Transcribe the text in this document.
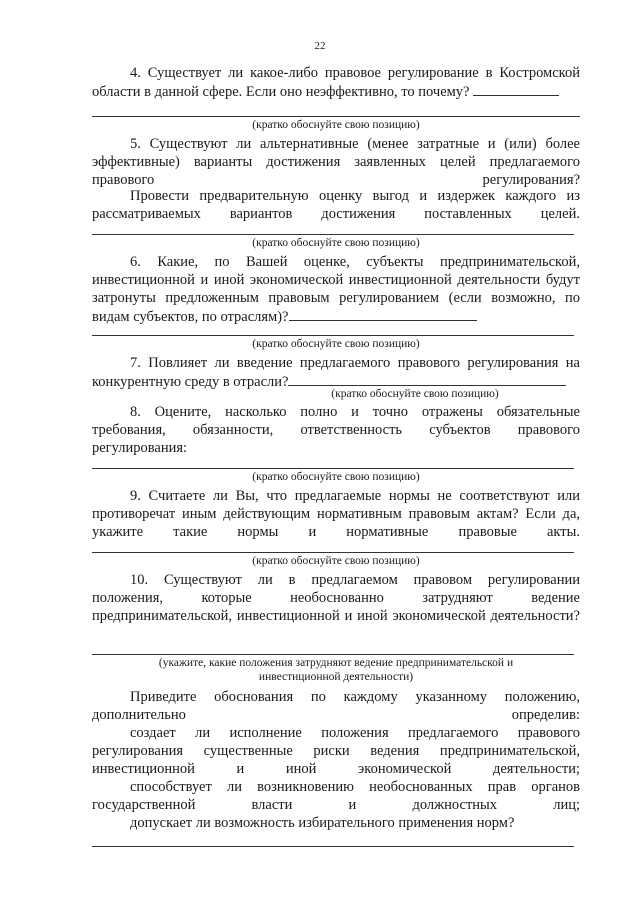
22

4. Существует ли какое-либо правовое регулирование в Костромской области в данной сфере. Если оно неэффективно, то почему?

(кратко обоснуйте свою позицию)

5. Существуют ли альтернативные (менее затратные и (или) более эффективные) варианты достижения заявленных целей предлагаемого правового регулирования?

Провести предварительную оценку выгод и издержек каждого из рассматриваемых вариантов достижения поставленных целей.

(кратко обоснуйте свою позицию)

6. Какие, по Вашей оценке, субъекты предпринимательской, инвестиционной и иной экономической инвестиционной деятельности будут затронуты предложенным правовым регулированием (если возможно, по видам субъектов, по отраслям)?

(кратко обоснуйте свою позицию)

7. Повлияет ли введение предлагаемого правового регулирования на конкурентную среду в отрасли?

(кратко обоснуйте свою позицию)

8. Оцените, насколько полно и точно отражены обязательные требования, обязанности, ответственность субъектов правового регулирования:

(кратко обоснуйте свою позицию)

9. Считаете ли Вы, что предлагаемые нормы не соответствуют или противоречат иным действующим нормативным правовым актам? Если да, укажите такие нормы и нормативные правовые акты.

(кратко обоснуйте свою позицию)

10. Существуют ли в предлагаемом правовом регулировании положения, которые необоснованно затрудняют ведение предпринимательской, инвестиционной и иной экономической деятельности?

(укажите, какие положения затрудняют ведение предпринимательской и
инвестиционной деятельности)

Приведите обоснования по каждому указанному положению, дополнительно определив:

создает ли исполнение положения предлагаемого правового регулирования существенные риски ведения предпринимательской, инвестиционной и иной экономической деятельности;

способствует ли возникновению необоснованных прав органов государственной власти и должностных лиц;

допускает ли возможность избирательного применения норм?
